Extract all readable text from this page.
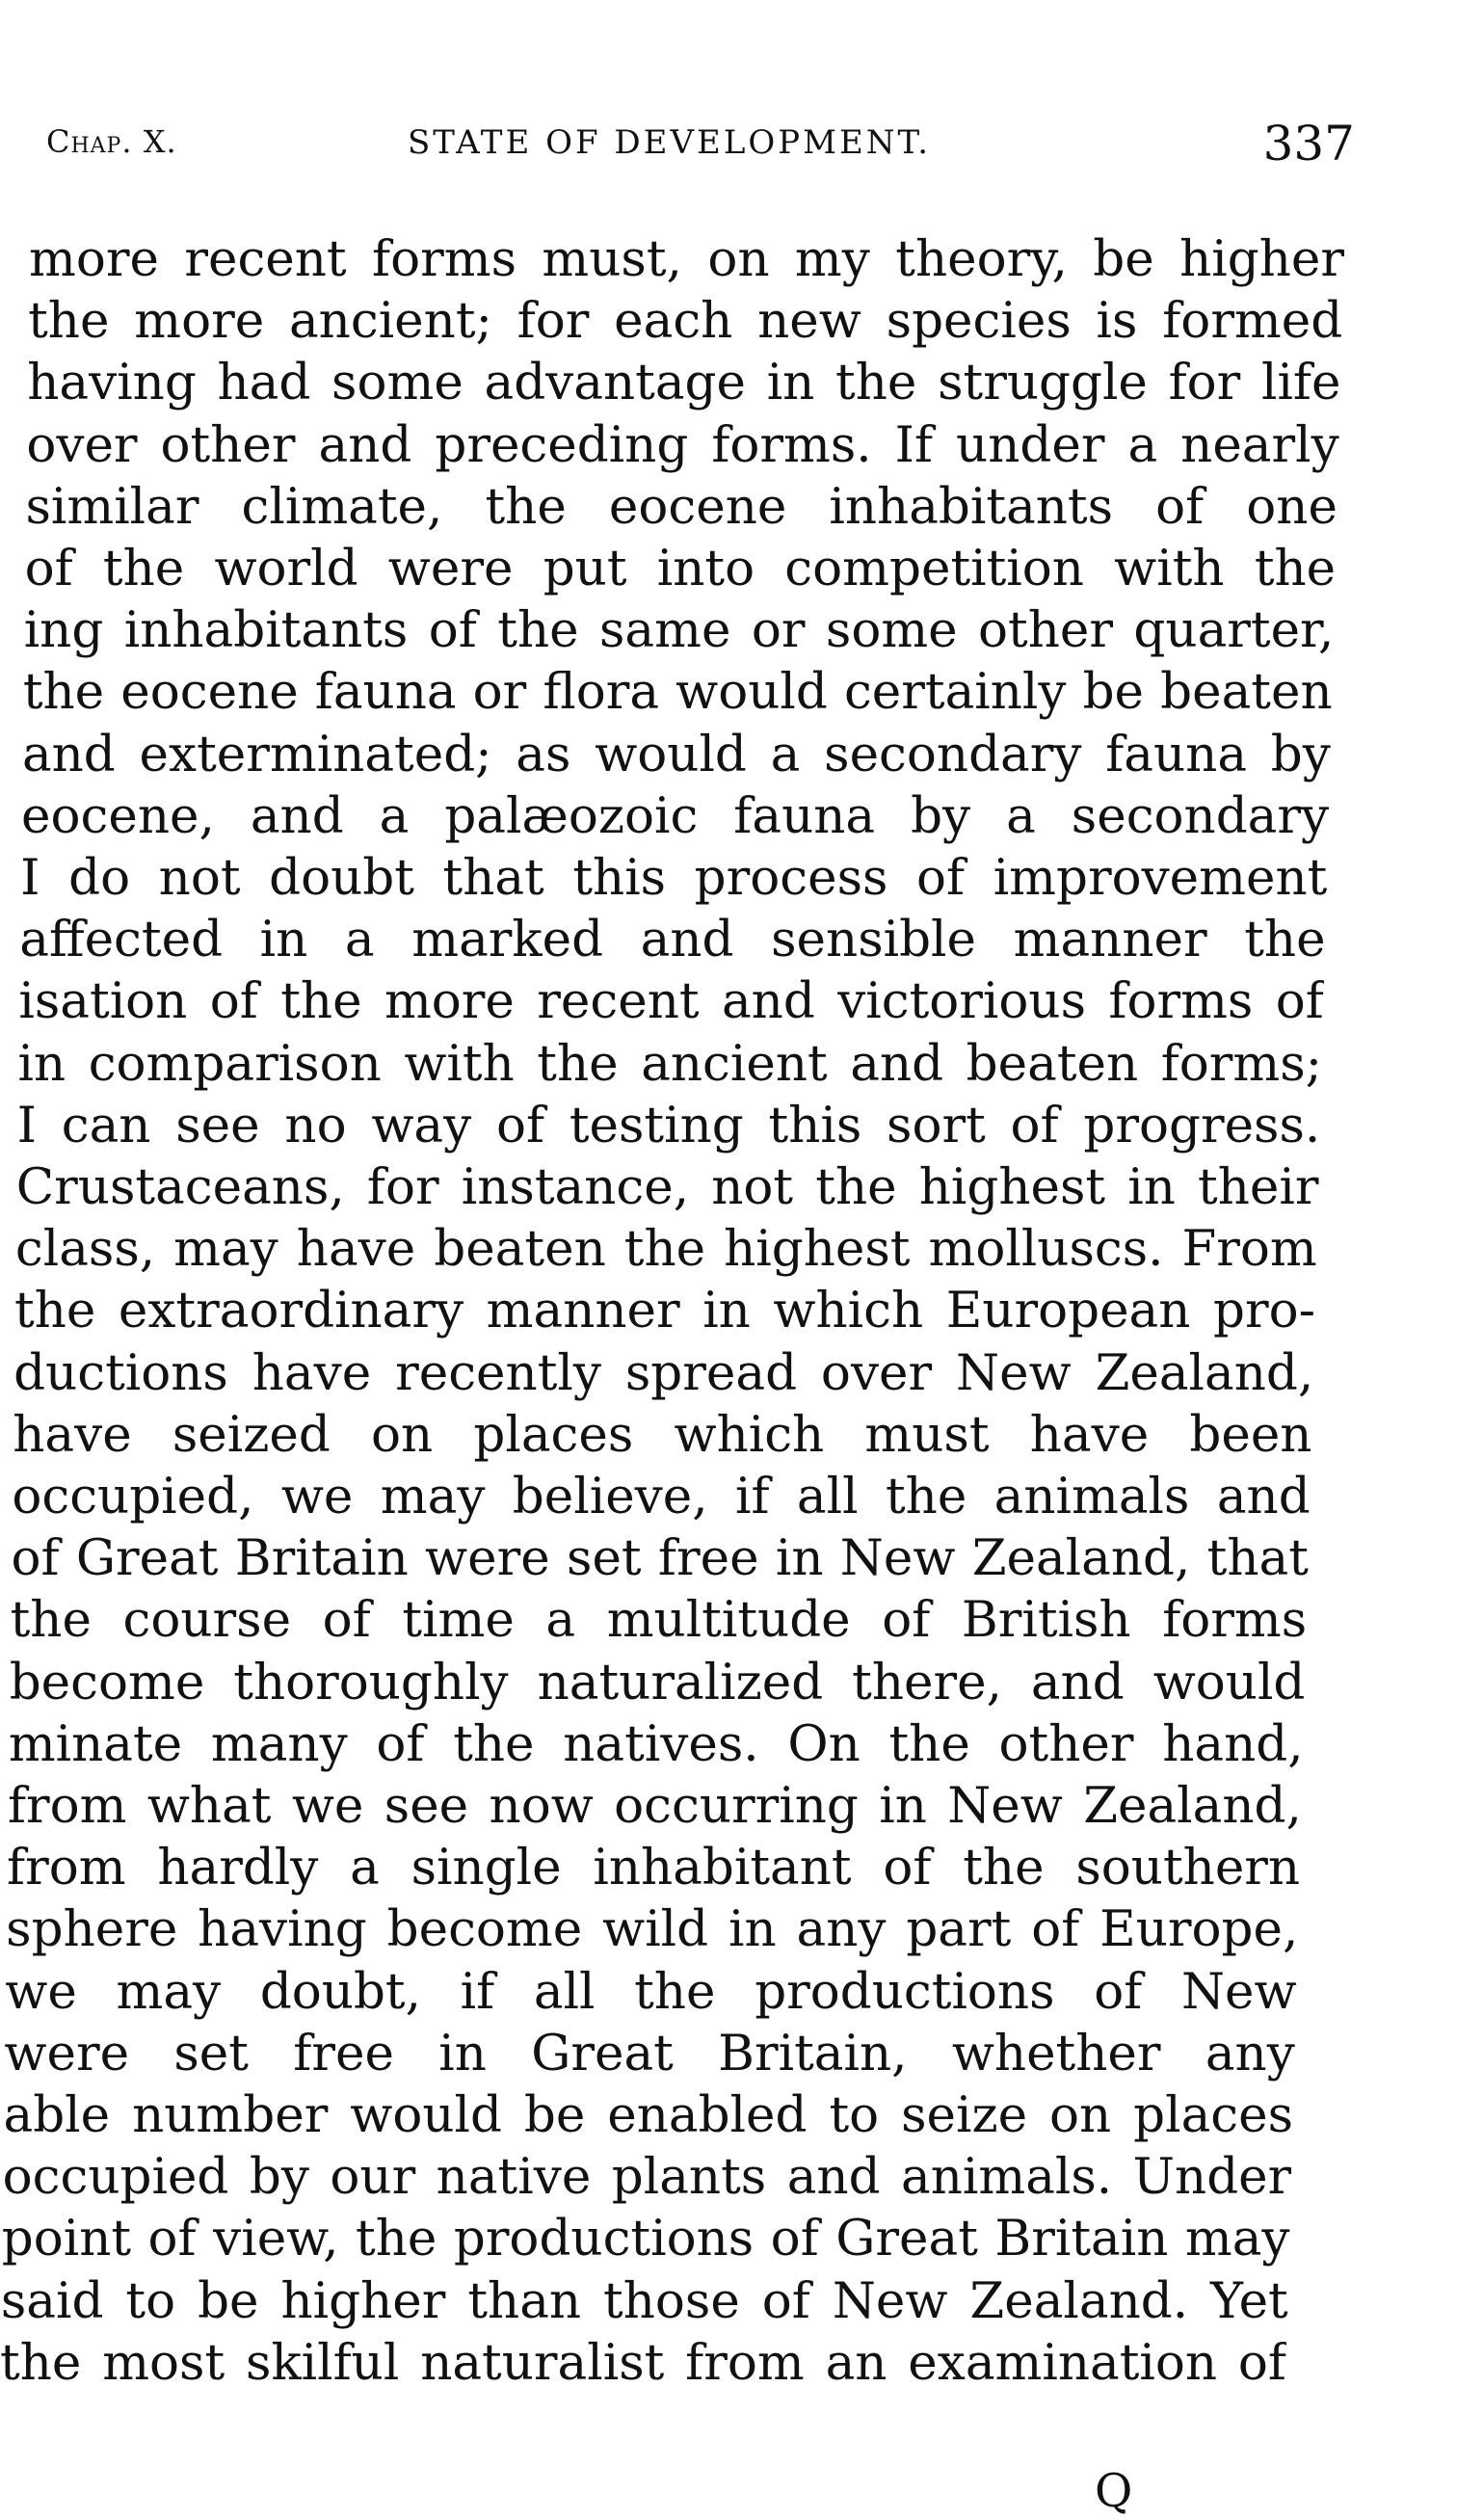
Chap. X.	STATE OF DEVELOPMENT.	337
more recent forms must, on my theory, be higher
the more ancient; for each new species is formed
having had some advantage in the struggle for life
over other and preceding forms. If under a nearly
similar climate, the eocene inhabitants of one
of the world were put into competition with the
ing inhabitants of the same or some other quarter,
the eocene fauna or flora would certainly be beaten
and exterminated; as would a secondary fauna by
eocene, and a palæozoic fauna by a secondary
I do not doubt that this process of improvement
affected in a marked and sensible manner the
isation of the more recent and victorious forms of
in comparison with the ancient and beaten forms;
I can see no way of testing this sort of progress.
Crustaceans, for instance, not the highest in their
class, may have beaten the highest molluscs. From
the extraordinary manner in which European pro-
ductions have recently spread over New Zealand,
have seized on places which must have been
occupied, we may believe, if all the animals and
of Great Britain were set free in New Zealand, that
the course of time a multitude of British forms
become thoroughly naturalized there, and would
minate many of the natives. On the other hand,
from what we see now occurring in New Zealand,
from hardly a single inhabitant of the southern
sphere having become wild in any part of Europe,
we may doubt, if all the productions of New
were set free in Great Britain, whether any
able number would be enabled to seize on places
occupied by our native plants and animals. Under
point of view, the productions of Great Britain may
said to be higher than those of New Zealand. Yet
the most skilful naturalist from an examination of
Q
